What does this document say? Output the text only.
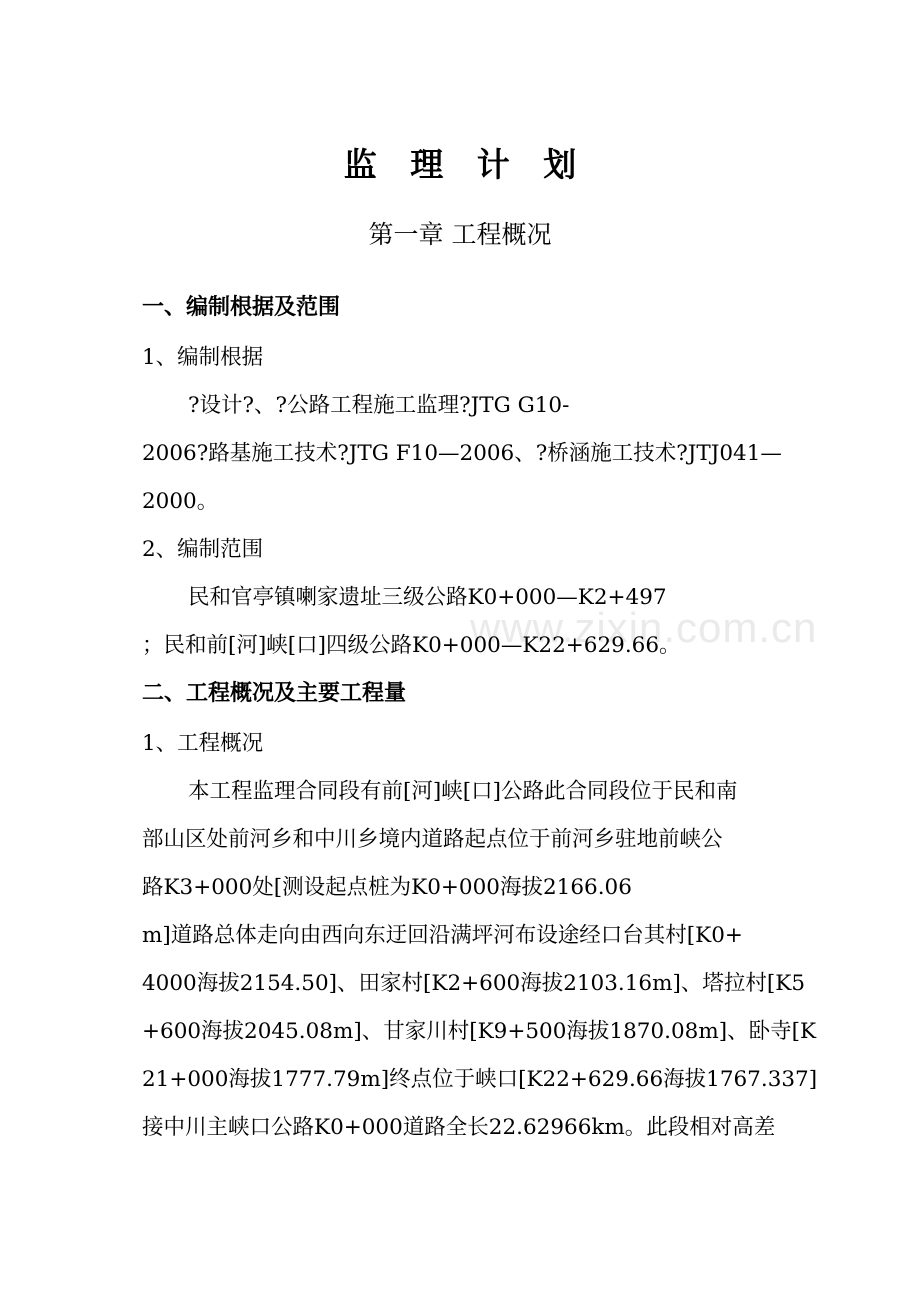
www.zixin.com.cn
监 理 计 划
第一章 工程概况
一、编制根据及范围
1、编制根据
?设计?、?公路工程施工监理?JTG G10-
2006?路基施工技术?JTG F10—2006、?桥涵施工技术?JTJ041—
2000。
2、编制范围
民和官亭镇喇家遗址三级公路K0+000—K2+497
；民和前[河]峡[口]四级公路K0+000—K22+629.66。
二、工程概况及主要工程量
1、工程概况
本工程监理合同段有前[河]峡[口]公路此合同段位于民和南
部山区处前河乡和中川乡境内道路起点位于前河乡驻地前峡公
路K3+000处[测设起点桩为K0+000海拔2166.06
m]道路总体走向由西向东迂回沿满坪河布设途经口台其村[K0+
4000海拔2154.50]、田家村[K2+600海拔2103.16m]、塔拉村[K5
+600海拔2045.08m]、甘家川村[K9+500海拔1870.08m]、卧寺[K
21+000海拔1777.79m]终点位于峡口[K22+629.66海拔1767.337]
接中川主峡口公路K0+000道路全长22.62966km。此段相对高差
